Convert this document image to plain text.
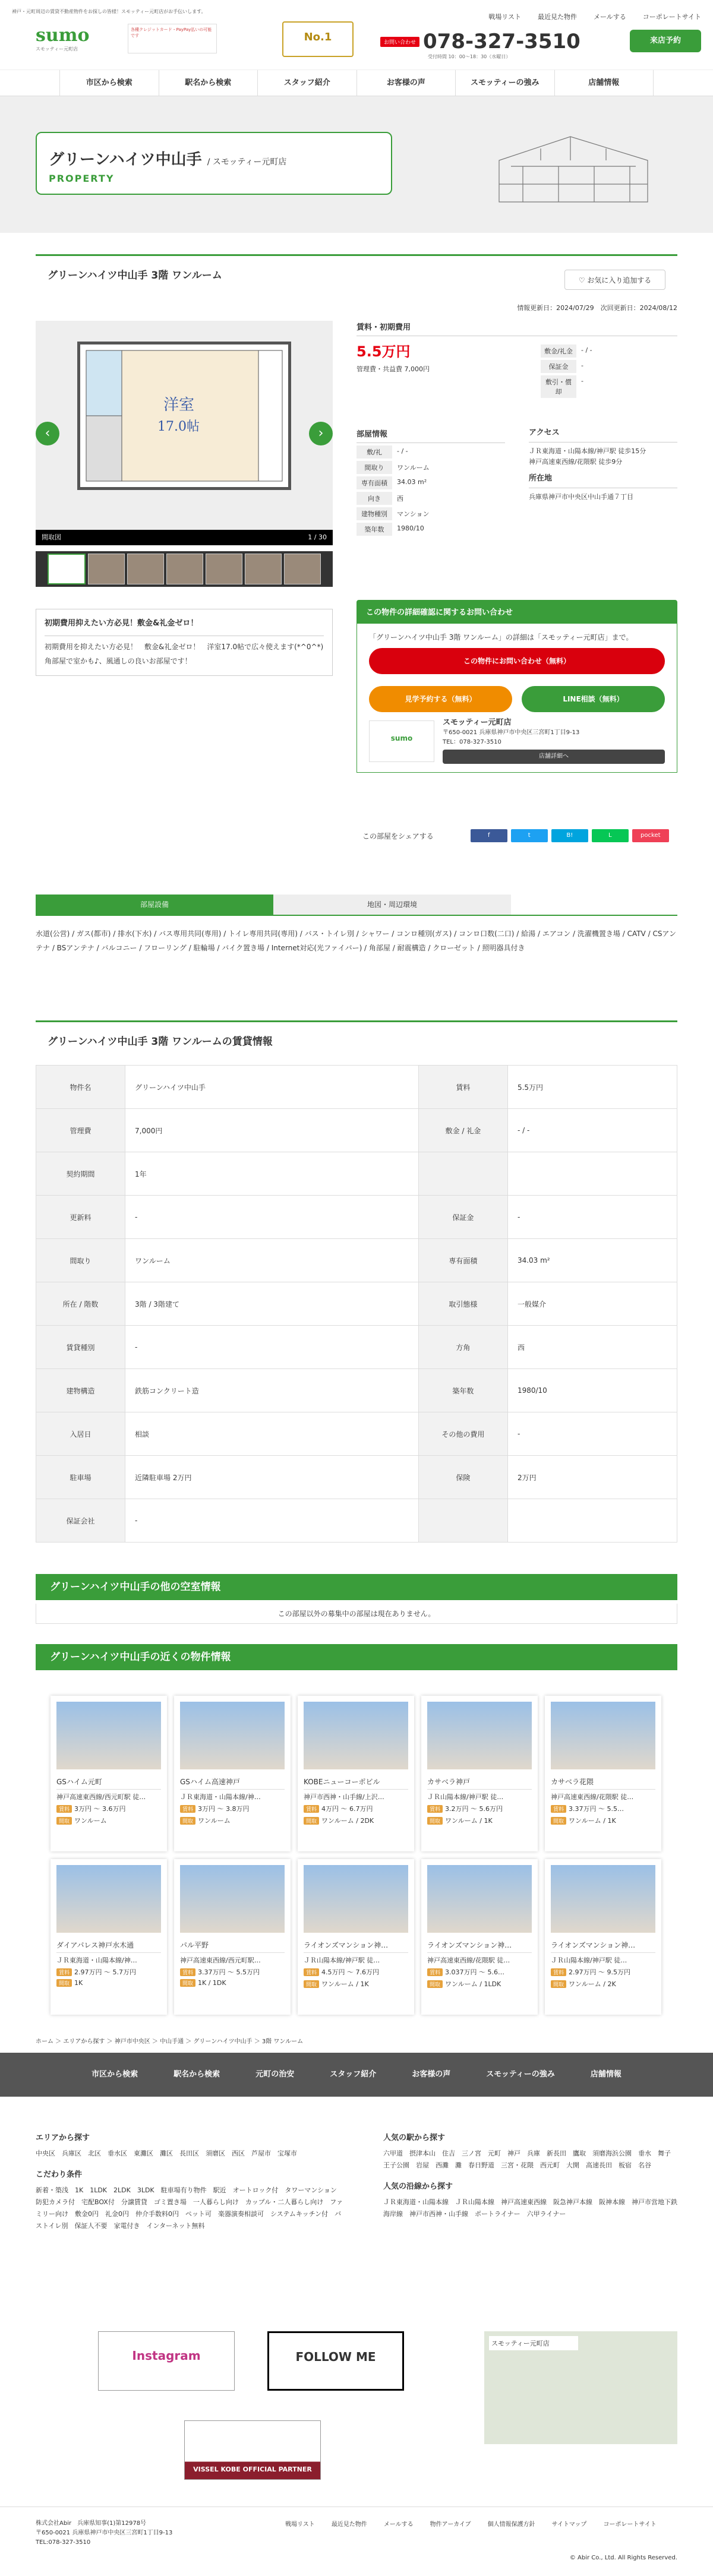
神戸・元町周辺の賃貸不動産物件をお探しの皆様！スモッティー元町店がお手伝いします。
sumo
スモッティー元町店
各種クレジットカード・PayPay払いの可能です	No.1	お問い合わせ 078-327-3510
受付時間 10：00〜18：30（水曜日）
戦場リスト	最近見た物件	メールする	コーポレートサイト
来店予約
市区から検索	駅名から検索	スタッフ紹介	お客様の声	スモッティーの強み	店舗情報
グリーンハイツ中山手 / スモッティー元町店
PROPERTY
グリーンハイツ中山手 3階 ワンルーム	♡ お気に入り追加する
情報更新日：2024/07/29　次回更新日：2024/08/12
洋室
17.0帖
‹	›
間取図	1 / 30
初期費用抑えたい方必見！敷金&礼金ゼロ！

初期費用を抑えたい方必見！　敷金&礼金ゼロ！　洋室17.0帖で広々使えます(*^0^*)　角部屋で室かも♪、風通しの良いお部屋です！

賃料・初期費用
5.5万円
管理費・共益費
7,000円
敷金/礼金	- / -
保証金	-
敷引・償却
-
部屋情報
敷/礼	- / -
間取り	ワンルーム
専有面積	34.03 m²
向き	西
建物種別	マンション
築年数	1980/10
アクセス

ＪＲ東海道・山陽本線/神戸駅 徒歩15分

神戸高速東西線/花隈駅 徒歩9分

所在地

兵庫県神戸市中央区中山手通７丁目

この物件の詳細確認に関するお問い合わせ

「グリーンハイツ中山手 3階 ワンルーム」の詳細は「スモッティー元町店」まで。

この物件にお問い合わせ（無料）
見学予約する（無料）	LINE相談（無料）
sumo
スモッティー元町店

〒650-0021 兵庫県神戸市中央区三宮町1丁目9-13

TEL：078-327-3510

店舗詳細へ
この部屋をシェアする	f	t	B!	L	pocket
部屋設備	地図・周辺環境
水道(公営) / ガス(都市) / 排水(下水) / バス専用共同(専用) / トイレ専用共同(専用) / バス・トイレ別 / シャワー / コンロ種別(ガス) / コンロ口数(二口) / 給湯 / エアコン / 洗濯機置き場 / CATV / CSアンテナ / BSアンテナ / バルコニー / フローリング / 駐輪場 / バイク置き場 / Internet対応(光ファイバー) / 角部屋 / 耐震構造 / クローゼット / 照明器具付き
グリーンハイツ中山手 3階 ワンルームの賃貸情報
物件名	グリーンハイツ中山手	賃料	5.5万円
管理費	7,000円	敷金 / 礼金	- / -
契約期間	1年		
更新料	-	保証金	-
間取り	ワンルーム	専有面積	34.03 m²
所在 / 階数	3階 / 3階建て	取引態様	一般媒介
賃貸種別	-	方角	西
建物構造	鉄筋コンクリート造	築年数	1980/10
入居日	相談	その他の費用	-
駐車場	近隣駐車場 2万円	保険	2万円
保証会社	-		
グリーンハイツ中山手の他の空室情報
この部屋以外の募集中の部屋は現在ありません。
グリーンハイツ中山手の近くの物件情報
GSハイム元町

神戸高速東西線/西元町駅 徒…

賃料 3万円 〜 3.6万円

間取 ワンルーム

GSハイム高速神戸

ＪＲ東海道・山陽本線/神…

賃料 3万円 〜 3.8万円

間取 ワンルーム

KOBEニューコーポビル

神戸市西神・山手線/上沢…

賃料 4万円 〜 6.7万円

間取 ワンルーム / 2DK

カサベラ神戸

ＪＲ山陽本線/神戸駅 徒…

賃料 3.2万円 〜 5.6万円

間取 ワンルーム / 1K

カサベラ花隈

神戸高速東西線/花隈駅 徒…

賃料 3.37万円 〜 5.5…

間取 ワンルーム / 1K

ダイアパレス神戸水木通

ＪＲ東海道・山陽本線/神…

賃料 2.97万円 〜 5.7万円

間取 1K

パル平野

神戸高速東西線/西元町駅…

賃料 3.37万円 〜 5.5万円

間取 1K / 1DK

ライオンズマンション神…

ＪＲ山陽本線/神戸駅 徒…

賃料 4.5万円 〜 7.6万円

間取 ワンルーム / 1K

ライオンズマンション神…

神戸高速東西線/花隈駅 徒…

賃料 3.037万円 〜 5.6…

間取 ワンルーム / 1LDK

ライオンズマンション神…

ＪＲ山陽本線/神戸駅 徒…

賃料 2.97万円 〜 9.5万円

間取 ワンルーム / 2K

ホーム ＞ エリアから探す ＞ 神戸市中央区 ＞ 中山手通 ＞ グリーンハイツ中山手 ＞ 3階 ワンルーム
市区から検索	駅名から検索	元町の治安	スタッフ紹介	お客様の声	スモッティーの強み	店舗情報
エリアから探す

中央区　兵庫区　北区　垂水区　東灘区　灘区　長田区　須磨区　西区　芦屋市　宝塚市

こだわり条件

新着・築浅　1K　1LDK　2LDK　3LDK　駐車場有り物件　駅近　オートロック付　タワーマンション　防犯カメラ付　宅配BOX付　分譲賃貸　ゴミ置き場　一人暮らし向け　カップル・二人暮らし向け　ファミリー向け　敷金0円　礼金0円　仲介手数料0円　ペット可　楽器演奏相談可　システムキッチン付　バストイレ別　保証人不要　家電付き　インターネット無料

人気の駅から探す

六甲道　摂津本山　住吉　三ノ宮　元町　神戸　兵庫　新長田　鷹取　須磨海浜公園　垂水　舞子　王子公園　岩屋　西灘　灘　春日野道　三宮・花隈　西元町　大開　高速長田　板宿　名谷

人気の沿線から探す

ＪＲ東海道・山陽本線　ＪＲ山陽本線　神戸高速東西線　阪急神戸本線　阪神本線　神戸市営地下鉄海岸線　神戸市西神・山手線　ポートライナー　六甲ライナー

Instagram	FOLLOW ME
VISSEL KOBE OFFICIAL PARTNER
スモッティー元町店

株式会社Abir　兵庫県知事(1)第12978号
〒650-0021 兵庫県神戸市中央区三宮町1丁目9-13
TEL:078-327-3510

戦場リスト	最近見た物件	メールする	物件アーカイブ	個人情報保護方針	サイトマップ	コーポレートサイト
© Abir Co., Ltd. All Rights Reserved.
